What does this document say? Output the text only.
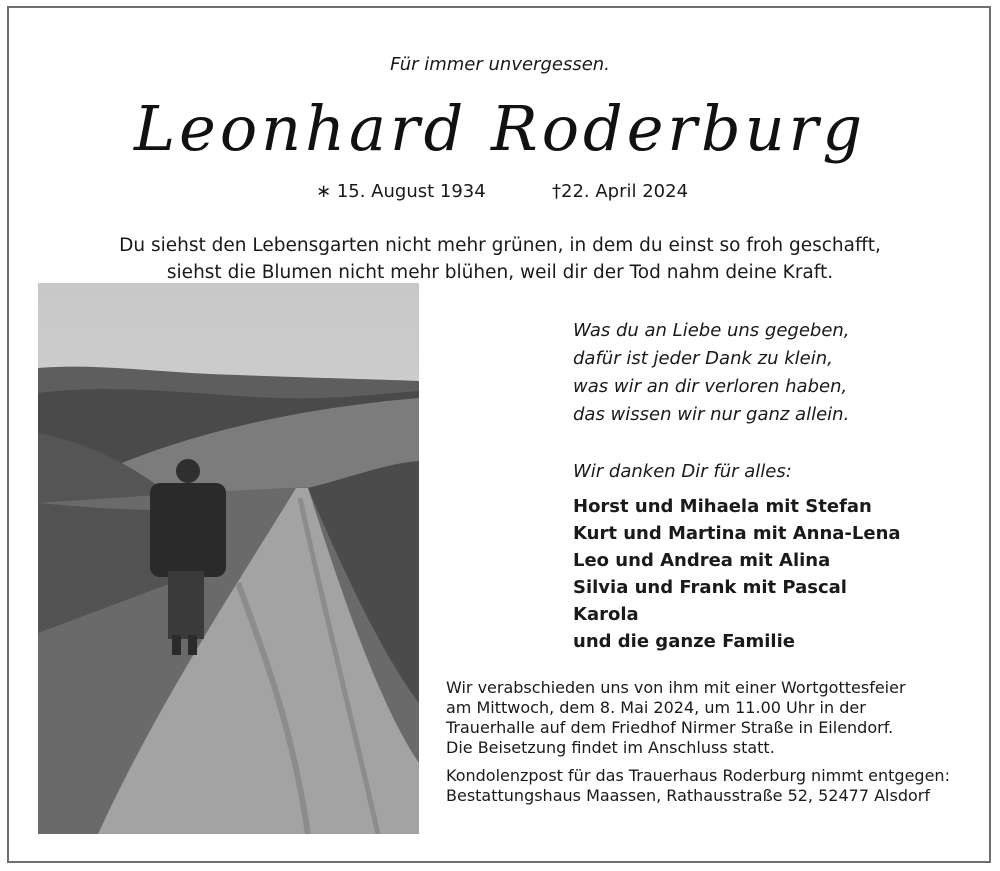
Für immer unvergessen.
Leonhard Roderburg
∗ 15. August 1934	†22. April 2024
Du siehst den Lebensgarten nicht mehr grünen, in dem du einst so froh geschafft,
siehst die Blumen nicht mehr blühen, weil dir der Tod nahm deine Kraft.
Was du an Liebe uns gegeben,
dafür ist jeder Dank zu klein,
was wir an dir verloren haben,
das wissen wir nur ganz allein.
Wir danken Dir für alles:
Horst und Mihaela mit Stefan
Kurt und Martina mit Anna-Lena
Leo und Andrea mit Alina
Silvia und Frank mit Pascal
Karola
und die ganze Familie
Wir verabschieden uns von ihm mit einer Wortgottesfeier
am Mittwoch, dem 8. Mai 2024, um 11.00 Uhr in der
Trauerhalle auf dem Friedhof Nirmer Straße in Eilendorf.
Die Beisetzung findet im Anschluss statt.
Kondolenzpost für das Trauerhaus Roderburg nimmt entgegen:
Bestattungshaus Maassen, Rathausstraße 52, 52477 Alsdorf
